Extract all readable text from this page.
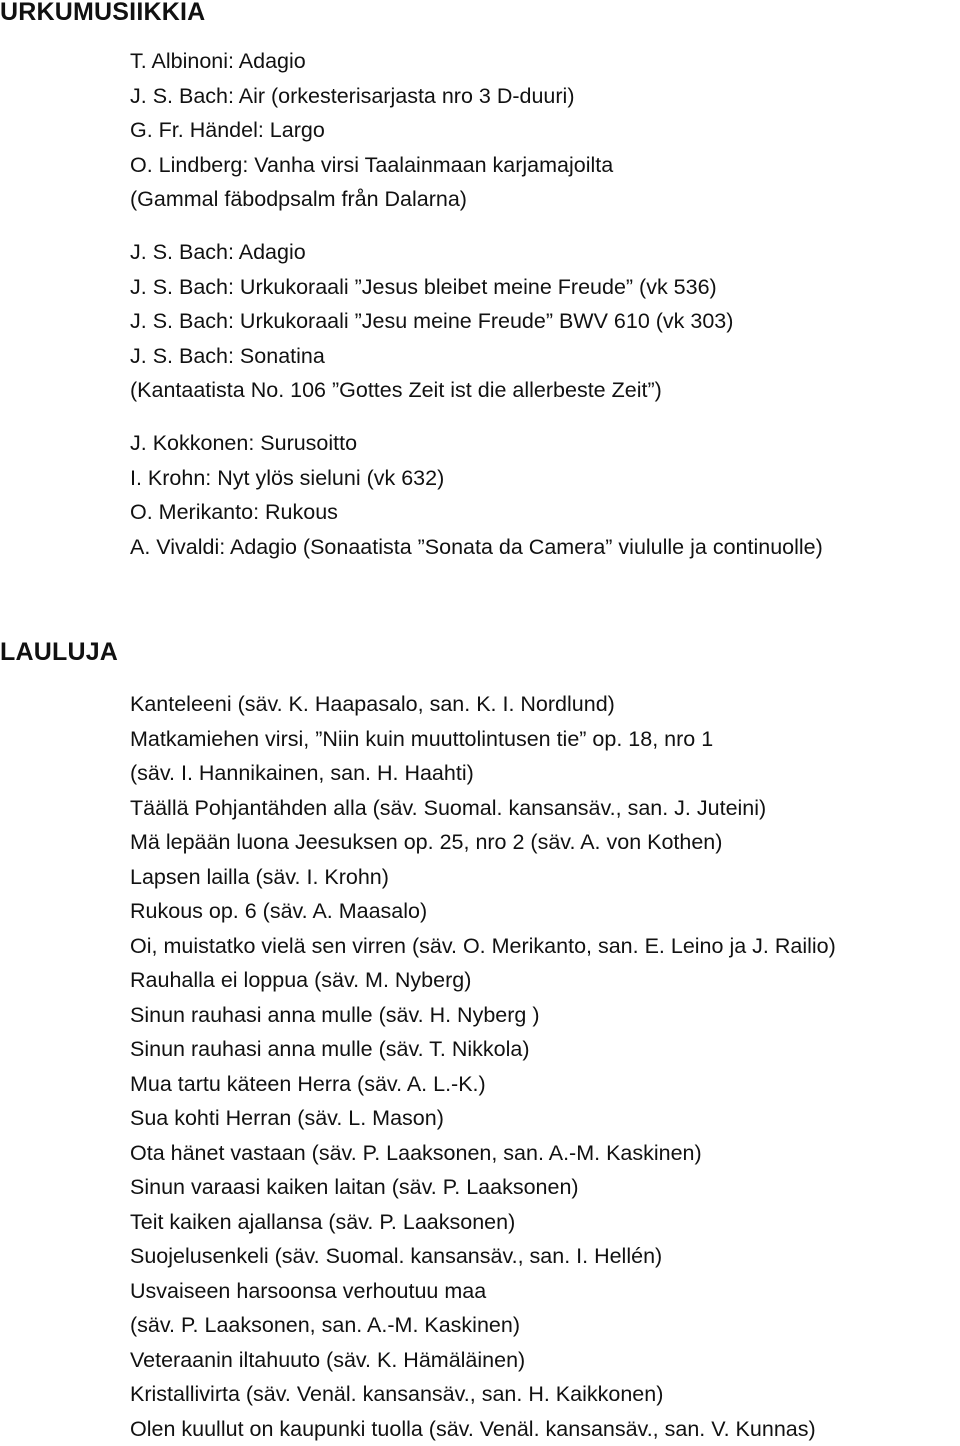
URKUMUSIIKKIA
T. Albinoni: Adagio
J. S. Bach: Air (orkesterisarjasta nro 3 D-duuri)
G. Fr. Händel: Largo
O. Lindberg: Vanha virsi Taalainmaan karjamajoilta
(Gammal fäbodpsalm från Dalarna)
J. S. Bach: Adagio
J. S. Bach: Urkukoraali ”Jesus bleibet meine Freude” (vk 536)
J. S. Bach: Urkukoraali ”Jesu meine Freude” BWV 610 (vk 303)
J. S. Bach: Sonatina
(Kantaatista No. 106 ”Gottes Zeit ist die allerbeste Zeit”)
J. Kokkonen: Surusoitto
I. Krohn: Nyt ylös sieluni (vk 632)
O. Merikanto: Rukous
A. Vivaldi: Adagio (Sonaatista ”Sonata da Camera” viululle ja continuolle)
LAULUJA
Kanteleeni (säv. K. Haapasalo, san. K. I. Nordlund)
Matkamiehen virsi, ”Niin kuin muuttolintusen tie” op. 18, nro 1
(säv. I. Hannikainen, san. H. Haahti)
Täällä Pohjantähden alla (säv. Suomal. kansansäv., san. J. Juteini)
Mä lepään luona Jeesuksen op. 25, nro 2 (säv. A. von Kothen)
Lapsen lailla (säv. I. Krohn)
Rukous op. 6 (säv. A. Maasalo)
Oi, muistatko vielä sen virren (säv. O. Merikanto, san. E. Leino ja J. Railio)
Rauhalla ei loppua (säv. M. Nyberg)
Sinun rauhasi anna mulle (säv. H. Nyberg )
Sinun rauhasi anna mulle (säv. T. Nikkola)
Mua tartu käteen Herra (säv. A. L.-K.)
Sua kohti Herran (säv. L. Mason)
Ota hänet vastaan (säv. P. Laaksonen, san. A.-M. Kaskinen)
Sinun varaasi kaiken laitan (säv. P. Laaksonen)
Teit kaiken ajallansa (säv. P. Laaksonen)
Suojelusenkeli (säv. Suomal. kansansäv., san. I. Hellén)
Usvaiseen harsoonsa verhoutuu maa
(säv. P. Laaksonen, san. A.-M. Kaskinen)
Veteraanin iltahuuto (säv. K. Hämäläinen)
Kristallivirta (säv. Venäl. kansansäv., san. H. Kaikkonen)
Olen kuullut on kaupunki tuolla (säv. Venäl. kansansäv., san. V. Kunnas)
